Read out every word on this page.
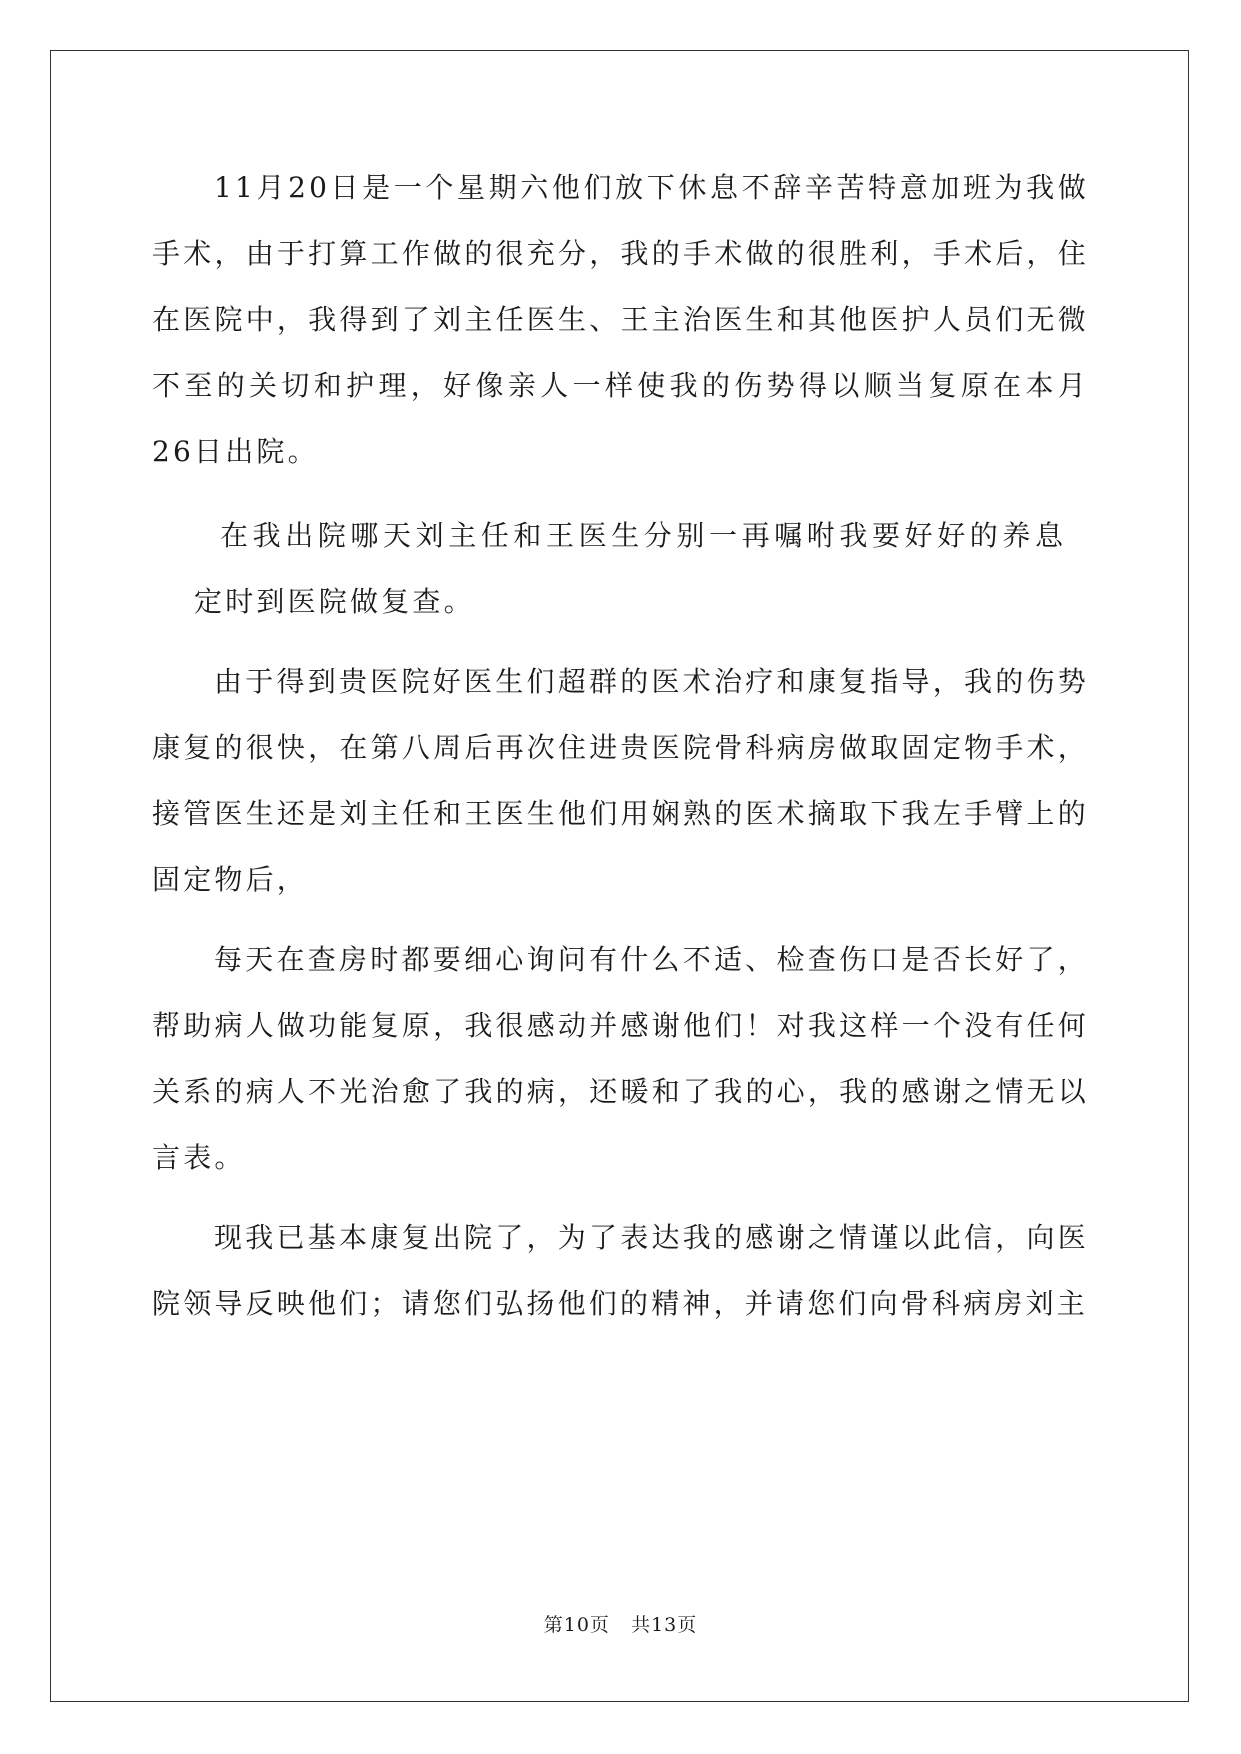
11月20日是一个星期六他们放下休息不辞辛苦特意加班为我做手术，由于打算工作做的很充分，我的手术做的很胜利，手术后，住在医院中，我得到了刘主任医生、王主治医生和其他医护人员们无微不至的关切和护理，好像亲人一样使我的伤势得以顺当复原在本月26日出院。

在我出院哪天刘主任和王医生分别一再嘱咐我要好好的养息
定时到医院做复查。

由于得到贵医院好医生们超群的医术治疗和康复指导，我的伤势康复的很快，在第八周后再次住进贵医院骨科病房做取固定物手术，接管医生还是刘主任和王医生他们用娴熟的医术摘取下我左手臂上的固定物后，

每天在查房时都要细心询问有什么不适、检查伤口是否长好了，帮助病人做功能复原，我很感动并感谢他们！对我这样一个没有任何关系的病人不光治愈了我的病，还暖和了我的心，我的感谢之情无以言表。

现我已基本康复出院了，为了表达我的感谢之情谨以此信，向医院领导反映他们；请您们弘扬他们的精神，并请您们向骨科病房刘主

第10页 共13页
